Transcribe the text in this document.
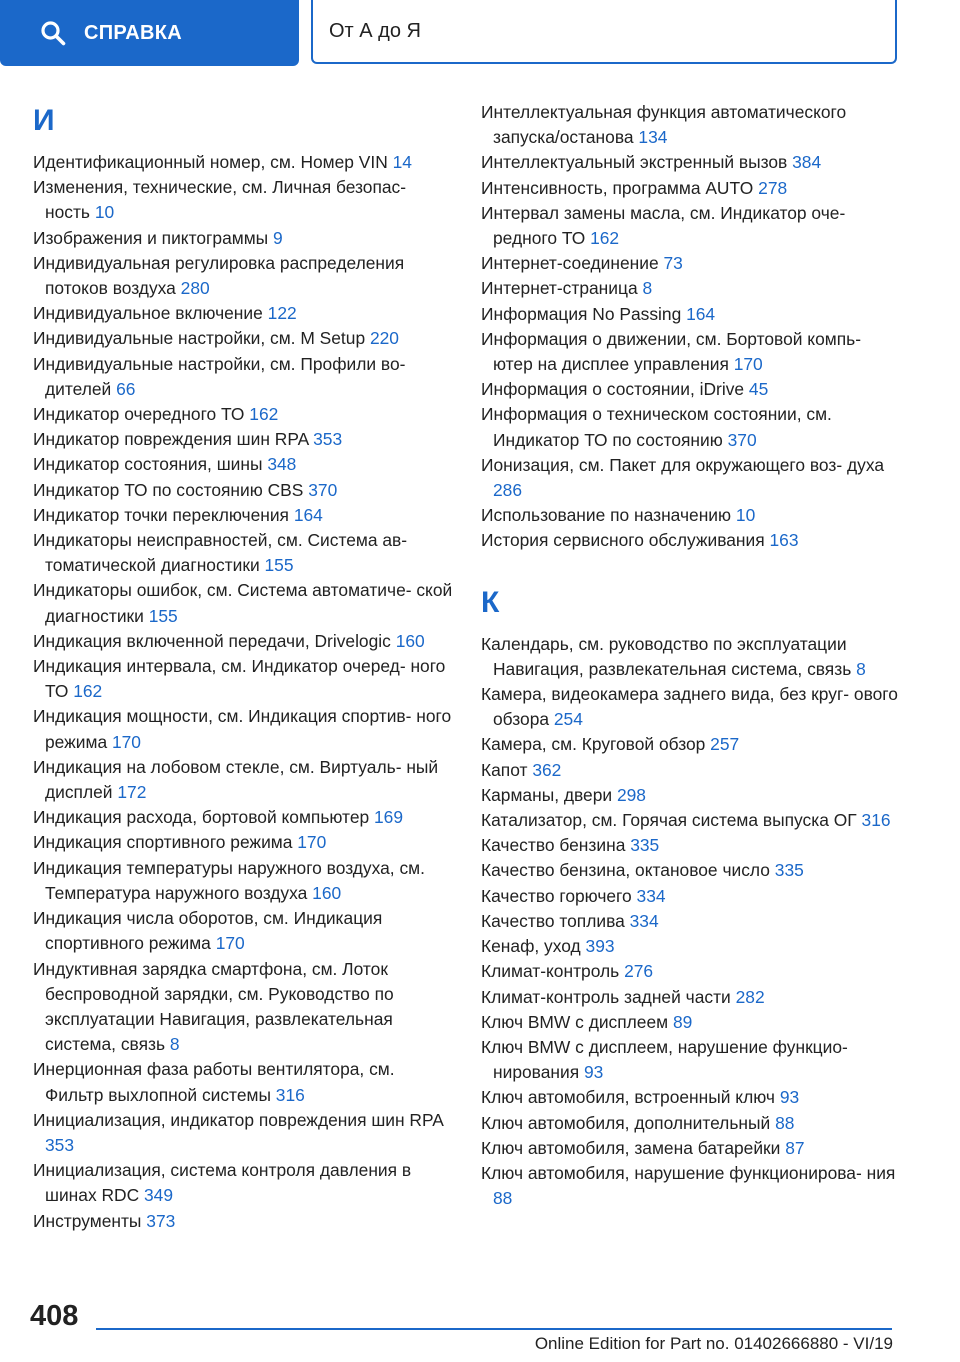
СПРАВКА	От А до Я
И
Идентификационный номер, см. Номер VIN 14
Изменения, технические, см. Личная безопас- ность 10
Изображения и пиктограммы 9
Индивидуальная регулировка распределения потоков воздуха 280
Индивидуальное включение 122
Индивидуальные настройки, см. M Setup 220
Индивидуальные настройки, см. Профили во- дителей 66
Индикатор очередного ТО 162
Индикатор повреждения шин RPA 353
Индикатор состояния, шины 348
Индикатор ТО по состоянию CBS 370
Индикатор точки переключения 164
Индикаторы неисправностей, см. Система ав- томатической диагностики 155
Индикаторы ошибок, см. Система автоматиче- ской диагностики 155
Индикация включенной передачи, Drivelogic 160
Индикация интервала, см. Индикатор очеред- ного ТО 162
Индикация мощности, см. Индикация спортив- ного режима 170
Индикация на лобовом стекле, см. Виртуаль- ный дисплей 172
Индикация расхода, бортовой компьютер 169
Индикация спортивного режима 170
Индикация температуры наружного воздуха, см. Температура наружного воздуха 160
Индикация числа оборотов, см. Индикация спортивного режима 170
Индуктивная зарядка смартфона, см. Лоток беспроводной зарядки, см. Руководство по эксплуатации Навигация, развлекательная система, связь 8
Инерционная фаза работы вентилятора, см. Фильтр выхлопной системы 316
Инициализация, индикатор повреждения шин RPA 353
Инициализация, система контроля давления в шинах RDC 349
Инструменты 373
Интеллектуальная функция автоматического запуска/останова 134
Интеллектуальный экстренный вызов 384
Интенсивность, программа AUTO 278
Интервал замены масла, см. Индикатор оче- редного ТО 162
Интернет-соединение 73
Интернет-страница 8
Информация No Passing 164
Информация о движении, см. Бортовой компь- ютер на дисплее управления 170
Информация о состоянии, iDrive 45
Информация о техническом состоянии, см. Индикатор ТО по состоянию 370
Ионизация, см. Пакет для окружающего воз- духа 286
Использование по назначению 10
История сервисного обслуживания 163
К
Календарь, см. руководство по эксплуатации Навигация, развлекательная система, связь 8
Камера, видеокамера заднего вида, без круг- ового обзора 254
Камера, см. Круговой обзор 257
Капот 362
Карманы, двери 298
Катализатор, см. Горячая система выпуска ОГ 316
Качество бензина 335
Качество бензина, октановое число 335
Качество горючего 334
Качество топлива 334
Кенаф, уход 393
Климат-контроль 276
Климат-контроль задней части 282
Ключ BMW с дисплеем 89
Ключ BMW с дисплеем, нарушение функцио- нирования 93
Ключ автомобиля, встроенный ключ 93
Ключ автомобиля, дополнительный 88
Ключ автомобиля, замена батарейки 87
Ключ автомобиля, нарушение функционирова- ния 88
408
Online Edition for Part no. 01402666880 - VI/19
